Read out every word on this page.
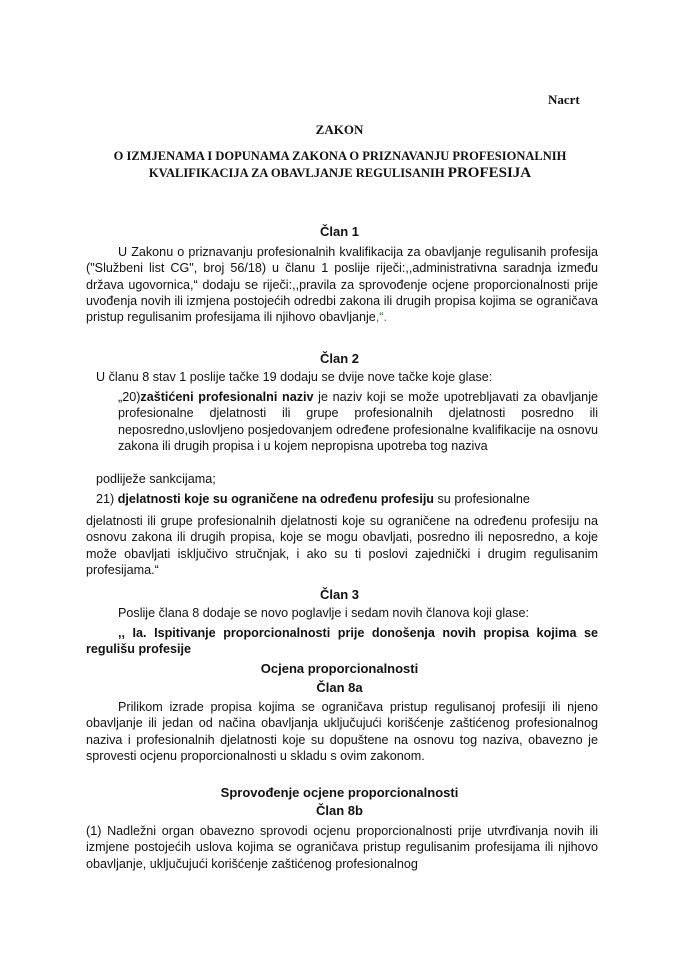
Nacrt
ZAKON
O IZMJENAMA I DOPUNAMA ZAKONA O PRIZNAVANJU PROFESIONALNIH
KVALIFIKACIJA ZA OBAVLJANJE REGULISANIH PROFESIJA
Član 1
U Zakonu o priznavanju profesionalnih kvalifikacija za obavljanje regulisanih profesija ("Službeni list CG", broj 56/18) u članu 1 poslije riječi:,,administrativna saradnja između država ugovornica,“ dodaju se riječi:,,pravila za sprovođenje ocjene proporcionalnosti prije uvođenja novih ili izmjena postojećih odredbi zakona ili drugih propisa kojima se ograničava pristup regulisanim profesijama ili njihovo obavljanje,“.
Član 2
U članu 8 stav 1 poslije tačke 19 dodaju se dvije nove tačke koje glase:
„20)zaštićeni profesionalni naziv je naziv koji se može upotrebljavati za obavljanje profesionalne djelatnosti ili grupe profesionalnih djelatnosti posredno ili neposredno,uslovljeno posjedovanjem određene profesionalne kvalifikacije na osnovu zakona ili drugih propisa i u kojem nepropisna upotreba tog naziva
podliježe sankcijama;
21) djelatnosti koje su ograničene na određenu profesiju su profesionalne
djelatnosti ili grupe profesionalnih djelatnosti koje su ograničene na određenu profesiju na osnovu zakona ili drugih propisa, koje se mogu obavljati, posredno ili neposredno, a koje može obavljati isključivo stručnjak, i ako su ti poslovi zajednički i drugim regulisanim profesijama.“
Član 3
Poslije člana 8 dodaje se novo poglavlje i sedam novih članova koji glase:
,, Ia. Ispitivanje proporcionalnosti prije donošenja novih propisa kojima se regulišu profesije
Ocjena proporcionalnosti
Član 8a
Prilikom izrade propisa kojima se ograničava pristup regulisanoj profesiji ili njeno obavljanje ili jedan od načina obavljanja uključujući korišćenje zaštićenog profesionalnog naziva i profesionalnih djelatnosti koje su dopuštene na osnovu tog naziva, obavezno je sprovesti ocjenu proporcionalnosti u skladu s ovim zakonom.
Sprovođenje ocjene proporcionalnosti
Član 8b
(1) Nadležni organ obavezno sprovodi ocjenu proporcionalnosti prije utvrđivanja novih ili izmjene postojećih uslova kojima se ograničava pristup regulisanim profesijama ili njihovo obavljanje, uključujući korišćenje zaštićenog profesionalnog
